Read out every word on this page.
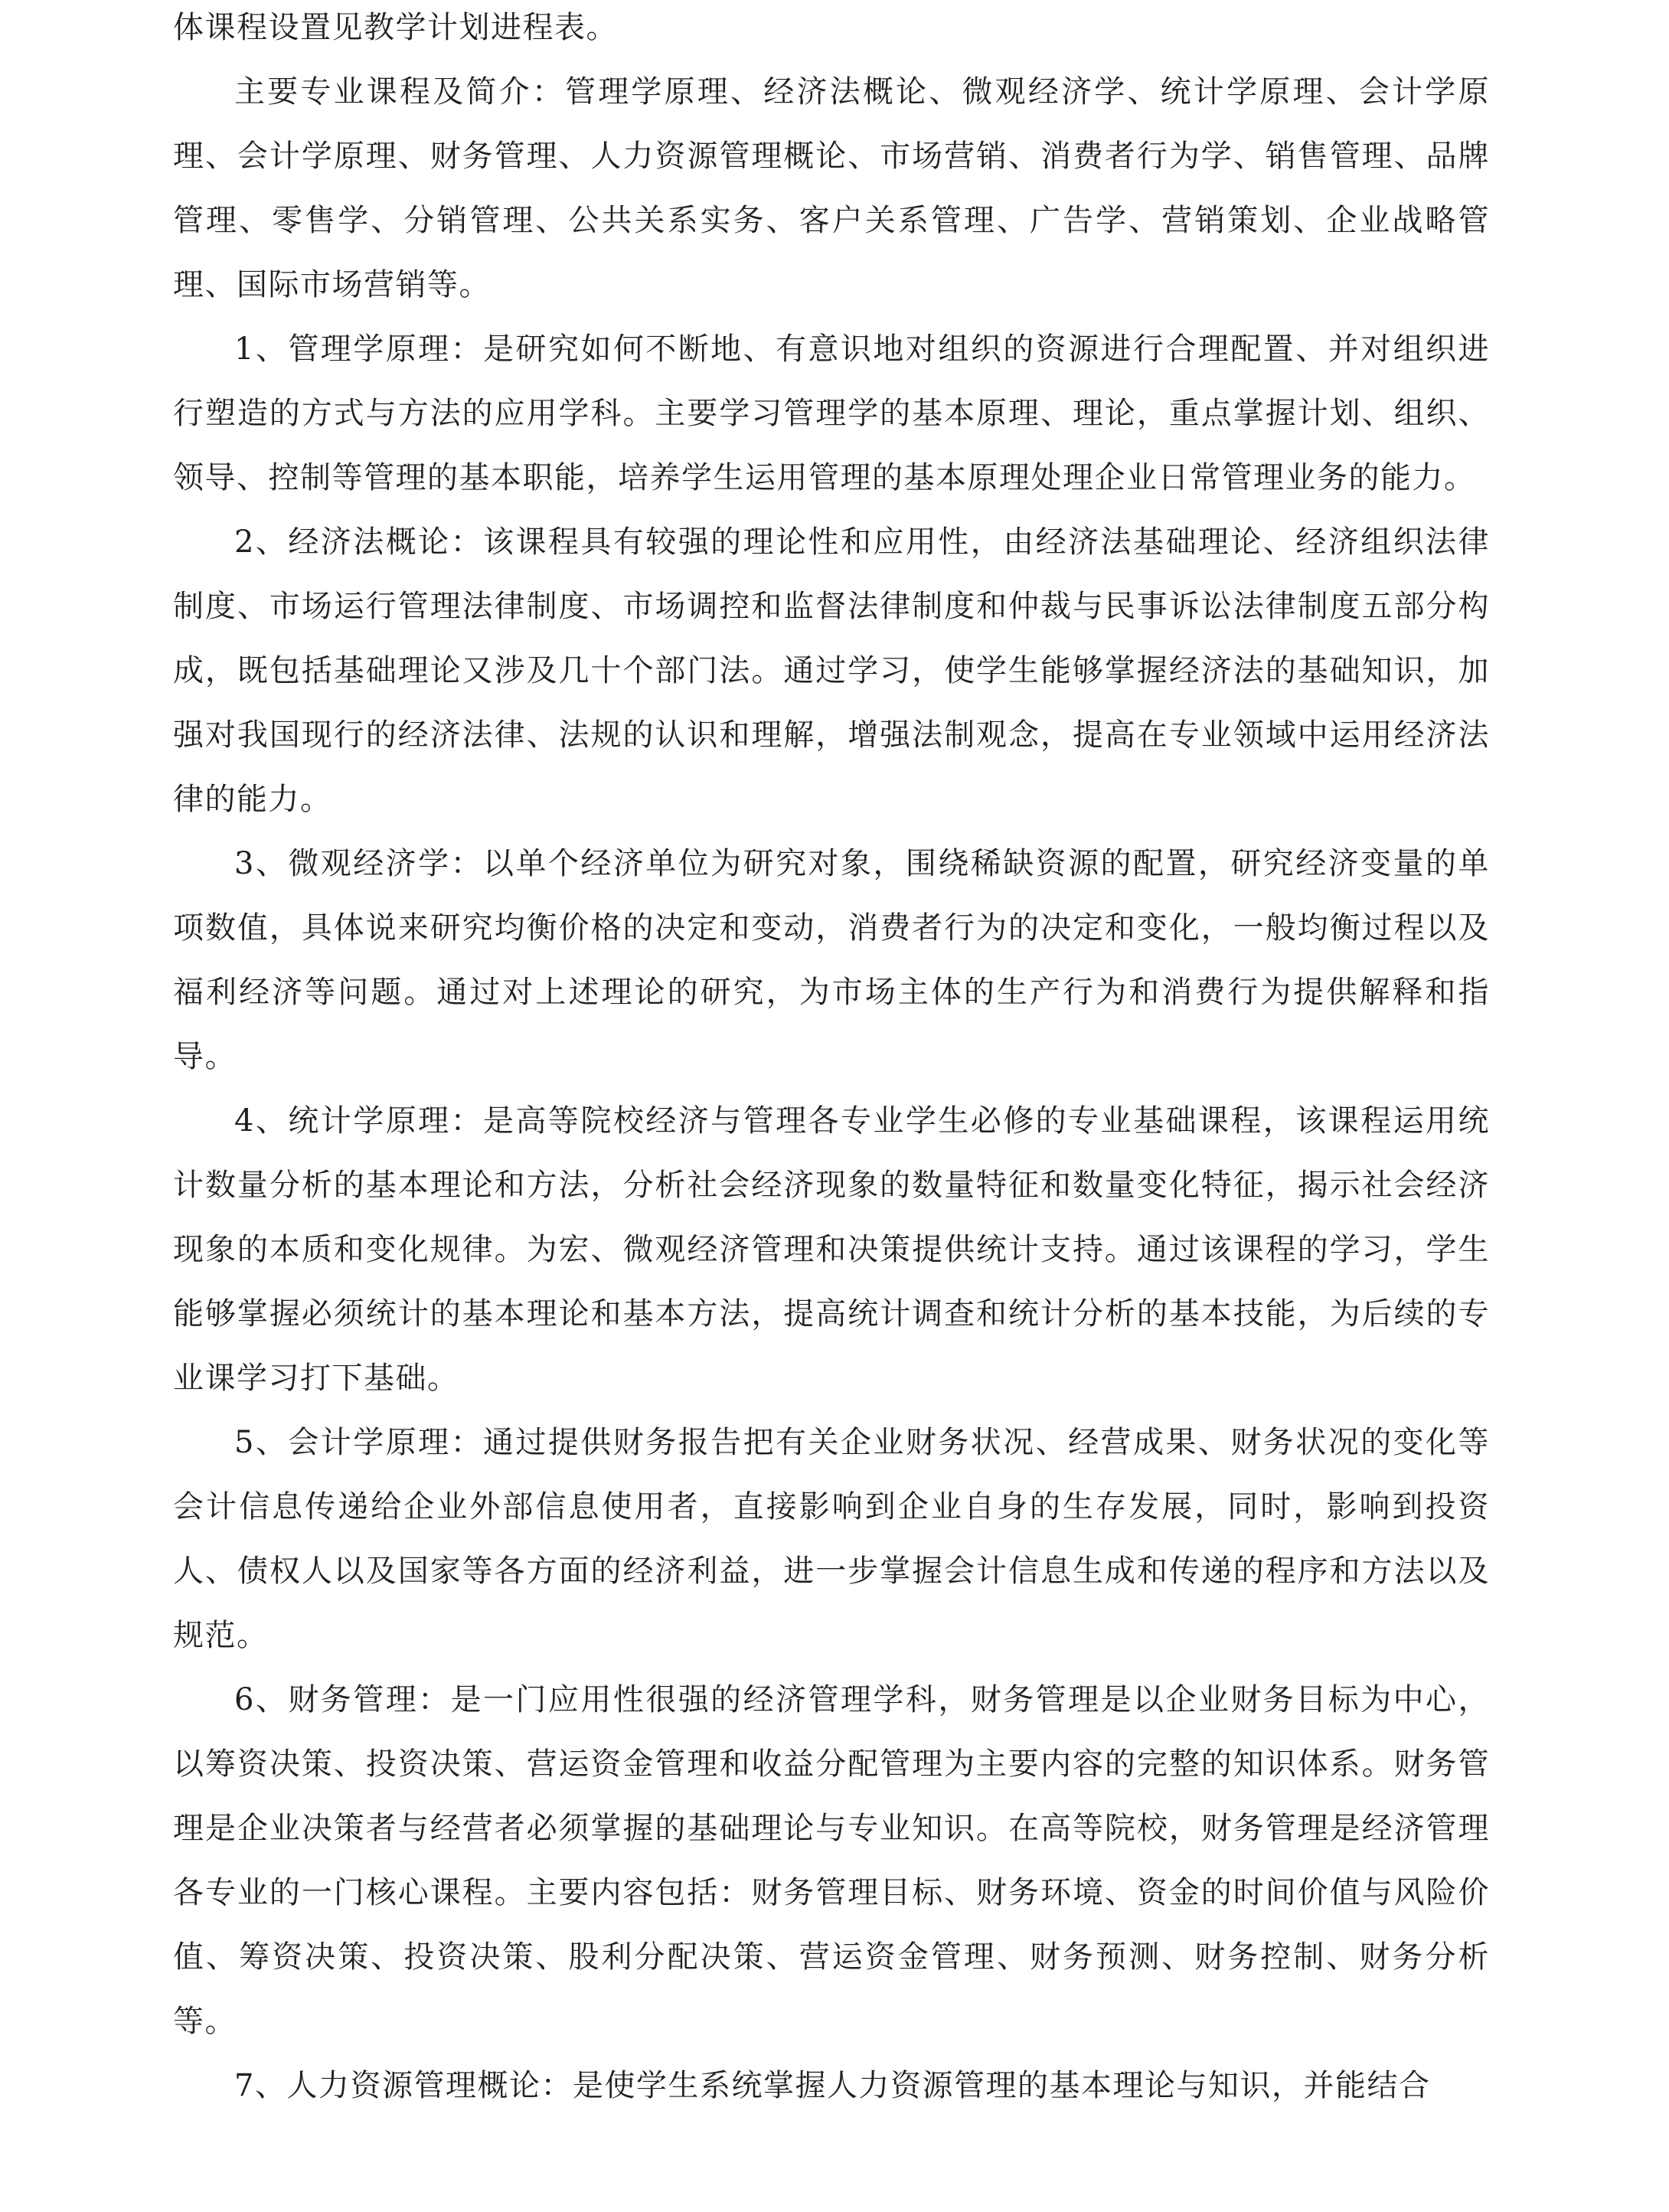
体课程设置见教学计划进程表。

主要专业课程及简介：管理学原理、经济法概论、微观经济学、统计学原理、会计学原理、会计学原理、财务管理、人力资源管理概论、市场营销、消费者行为学、销售管理、品牌管理、零售学、分销管理、公共关系实务、客户关系管理、广告学、营销策划、企业战略管理、国际市场营销等。

1、管理学原理：是研究如何不断地、有意识地对组织的资源进行合理配置、并对组织进行塑造的方式与方法的应用学科。主要学习管理学的基本原理、理论，重点掌握计划、组织、领导、控制等管理的基本职能，培养学生运用管理的基本原理处理企业日常管理业务的能力。

2、经济法概论：该课程具有较强的理论性和应用性，由经济法基础理论、经济组织法律制度、市场运行管理法律制度、市场调控和监督法律制度和仲裁与民事诉讼法律制度五部分构成，既包括基础理论又涉及几十个部门法。通过学习，使学生能够掌握经济法的基础知识，加强对我国现行的经济法律、法规的认识和理解，增强法制观念，提高在专业领域中运用经济法律的能力。

3、微观经济学：以单个经济单位为研究对象，围绕稀缺资源的配置，研究经济变量的单项数值，具体说来研究均衡价格的决定和变动，消费者行为的决定和变化，一般均衡过程以及福利经济等问题。通过对上述理论的研究，为市场主体的生产行为和消费行为提供解释和指导。

4、统计学原理：是高等院校经济与管理各专业学生必修的专业基础课程，该课程运用统计数量分析的基本理论和方法，分析社会经济现象的数量特征和数量变化特征，揭示社会经济现象的本质和变化规律。为宏、微观经济管理和决策提供统计支持。通过该课程的学习，学生能够掌握必须统计的基本理论和基本方法，提高统计调查和统计分析的基本技能，为后续的专业课学习打下基础。

5、会计学原理：通过提供财务报告把有关企业财务状况、经营成果、财务状况的变化等会计信息传递给企业外部信息使用者，直接影响到企业自身的生存发展，同时，影响到投资人、债权人以及国家等各方面的经济利益，进一步掌握会计信息生成和传递的程序和方法以及规范。

6、财务管理：是一门应用性很强的经济管理学科，财务管理是以企业财务目标为中心，以筹资决策、投资决策、营运资金管理和收益分配管理为主要内容的完整的知识体系。财务管理是企业决策者与经营者必须掌握的基础理论与专业知识。在高等院校，财务管理是经济管理各专业的一门核心课程。主要内容包括：财务管理目标、财务环境、资金的时间价值与风险价值、筹资决策、投资决策、股利分配决策、营运资金管理、财务预测、财务控制、财务分析等。

7、人力资源管理概论：是使学生系统掌握人力资源管理的基本理论与知识，并能结合
